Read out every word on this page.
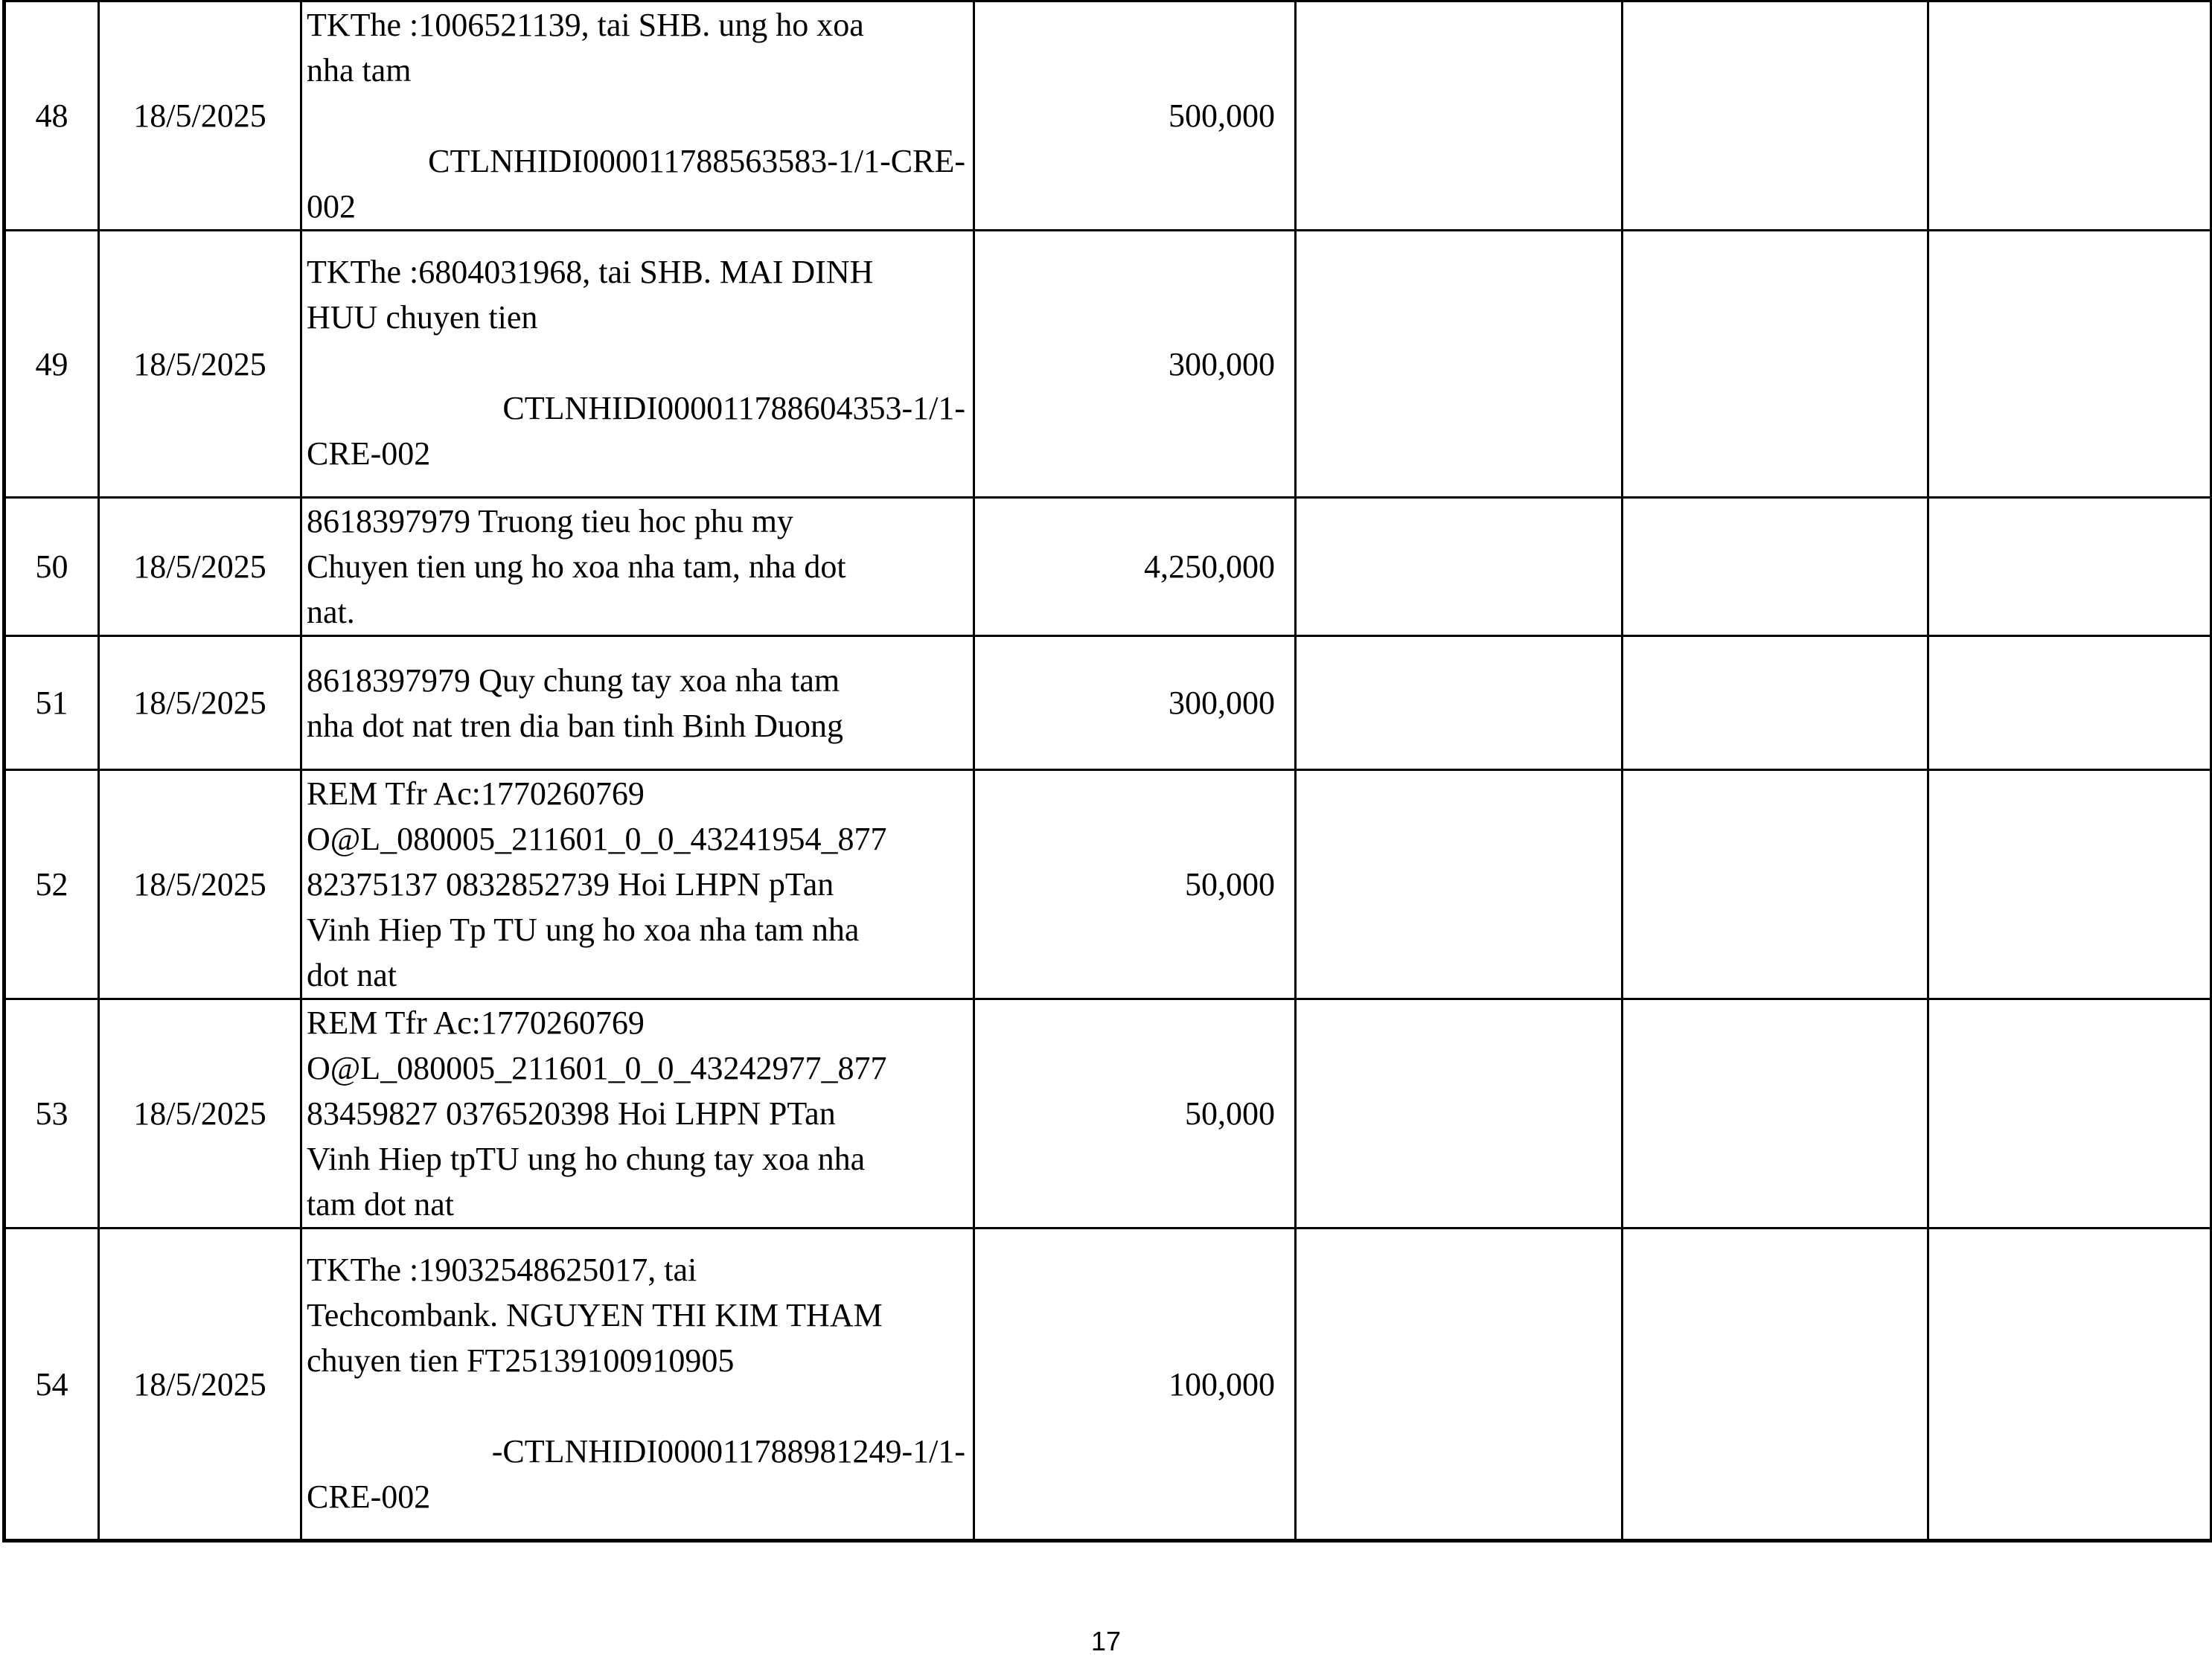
48	18/5/2025	TKThe :1006521139, tai SHB. ung ho xoa
nha tam
CTLNHIDI000011788563583-1/1-CRE-
002	500,000			
49	18/5/2025	TKThe :6804031968, tai SHB. MAI DINH
HUU chuyen tien
CTLNHIDI000011788604353-1/1-
CRE-002	300,000			
50	18/5/2025	8618397979 Truong tieu hoc phu my
Chuyen tien ung ho xoa nha tam, nha dot
nat.	4,250,000			
51	18/5/2025	8618397979 Quy chung tay xoa nha tam
nha dot nat tren dia ban tinh Binh Duong	300,000			
52	18/5/2025	REM Tfr Ac:1770260769
O@L_080005_211601_0_0_43241954_877
82375137 0832852739 Hoi LHPN pTan
Vinh Hiep Tp TU ung ho xoa nha tam nha
dot nat	50,000			
53	18/5/2025	REM Tfr Ac:1770260769
O@L_080005_211601_0_0_43242977_877
83459827 0376520398 Hoi LHPN PTan
Vinh Hiep tpTU ung ho chung tay xoa nha
tam dot nat	50,000			
54	18/5/2025	TKThe :19032548625017, tai
Techcombank. NGUYEN THI KIM THAM
chuyen tien FT25139100910905
-CTLNHIDI000011788981249-1/1-
CRE-002	100,000			
17
